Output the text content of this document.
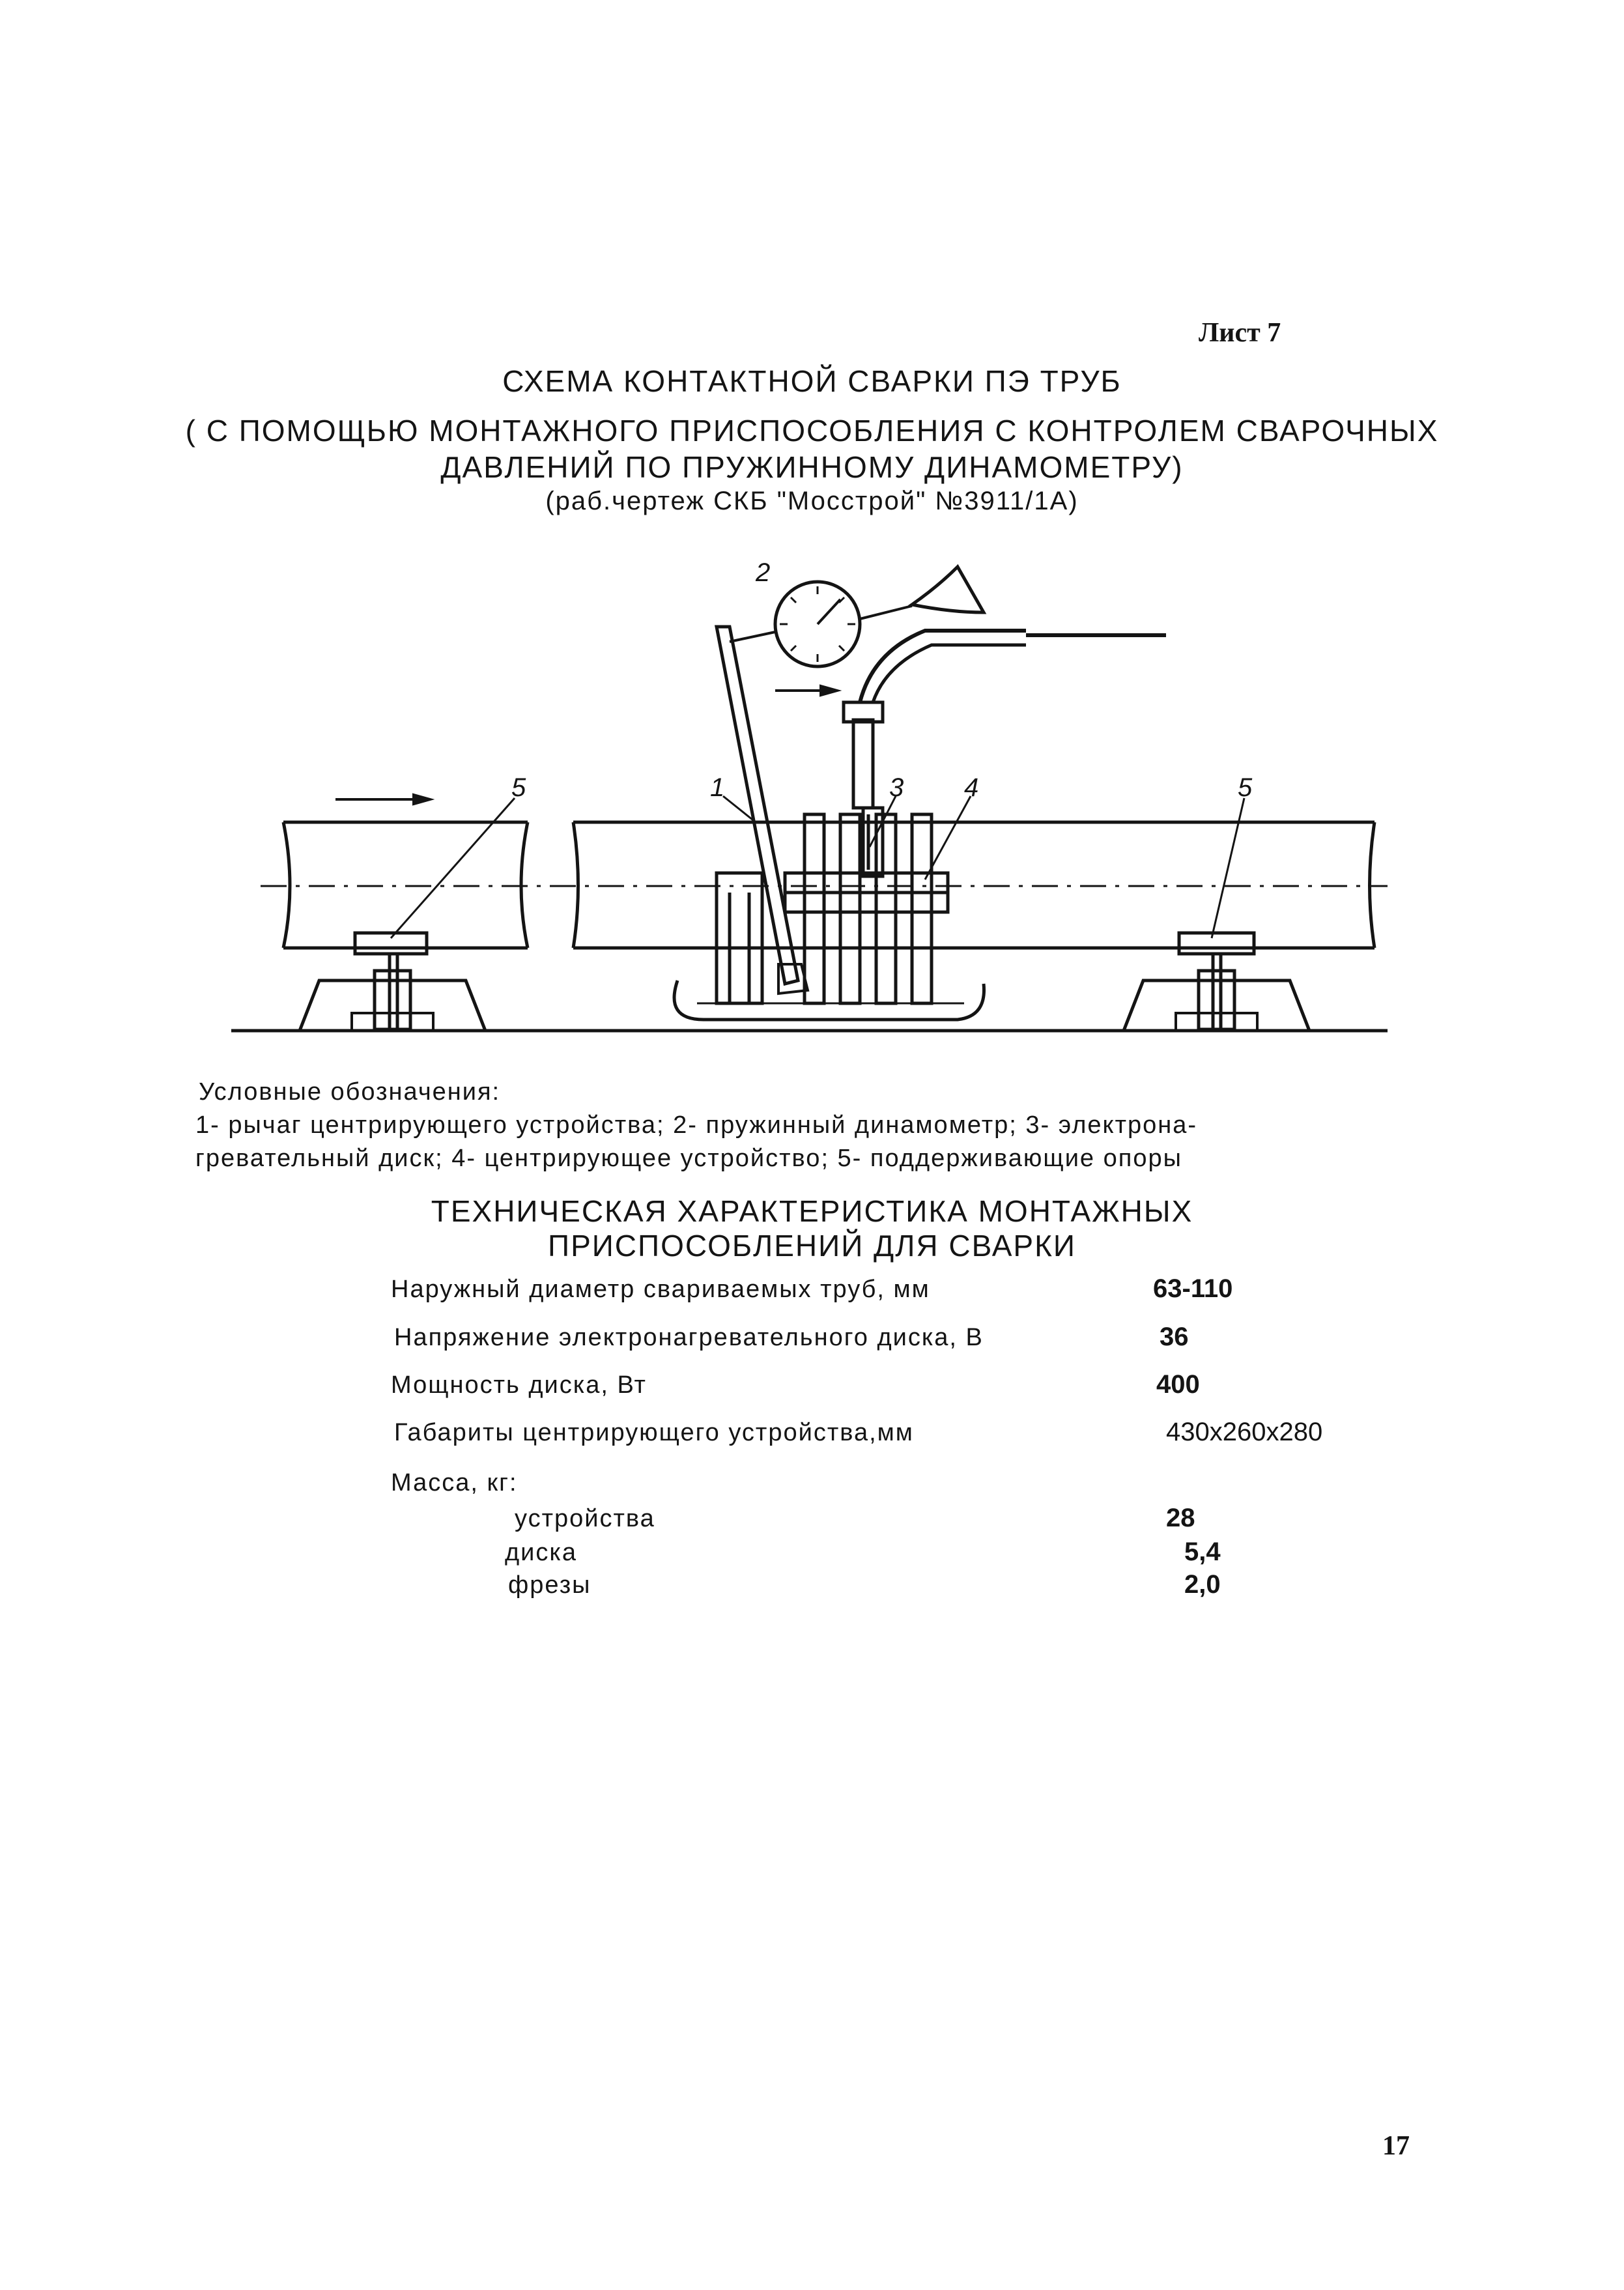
Лист 7
СХЕМА КОНТАКТНОЙ СВАРКИ ПЭ ТРУБ
( С ПОМОЩЬЮ МОНТАЖНОГО ПРИСПОСОБЛЕНИЯ С КОНТРОЛЕМ СВАРОЧНЫХ
ДАВЛЕНИЙ ПО ПРУЖИННОМУ ДИНАМОМЕТРУ)
(раб.чертеж СКБ "Мосстрой" №3911/1А)
1
2
3 4
5	5
Условные обозначения:
1- рычаг центрирующего устройства; 2- пружинный динамометр; 3- электрона-
гревательный диск; 4- центрирующее устройство; 5- поддерживающие опоры
ТЕХНИЧЕСКАЯ ХАРАКТЕРИСТИКА МОНТАЖНЫХ
ПРИСПОСОБЛЕНИЙ ДЛЯ СВАРКИ
Наружный диаметр свариваемых труб, мм	63-110
Напряжение электронагревательного диска, В	36
Мощность диска, Вт	400
Габариты центрирующего устройства,мм	430x260x280
Масса, кг:
устройства	28
диска	5,4
фрезы	2,0
17
